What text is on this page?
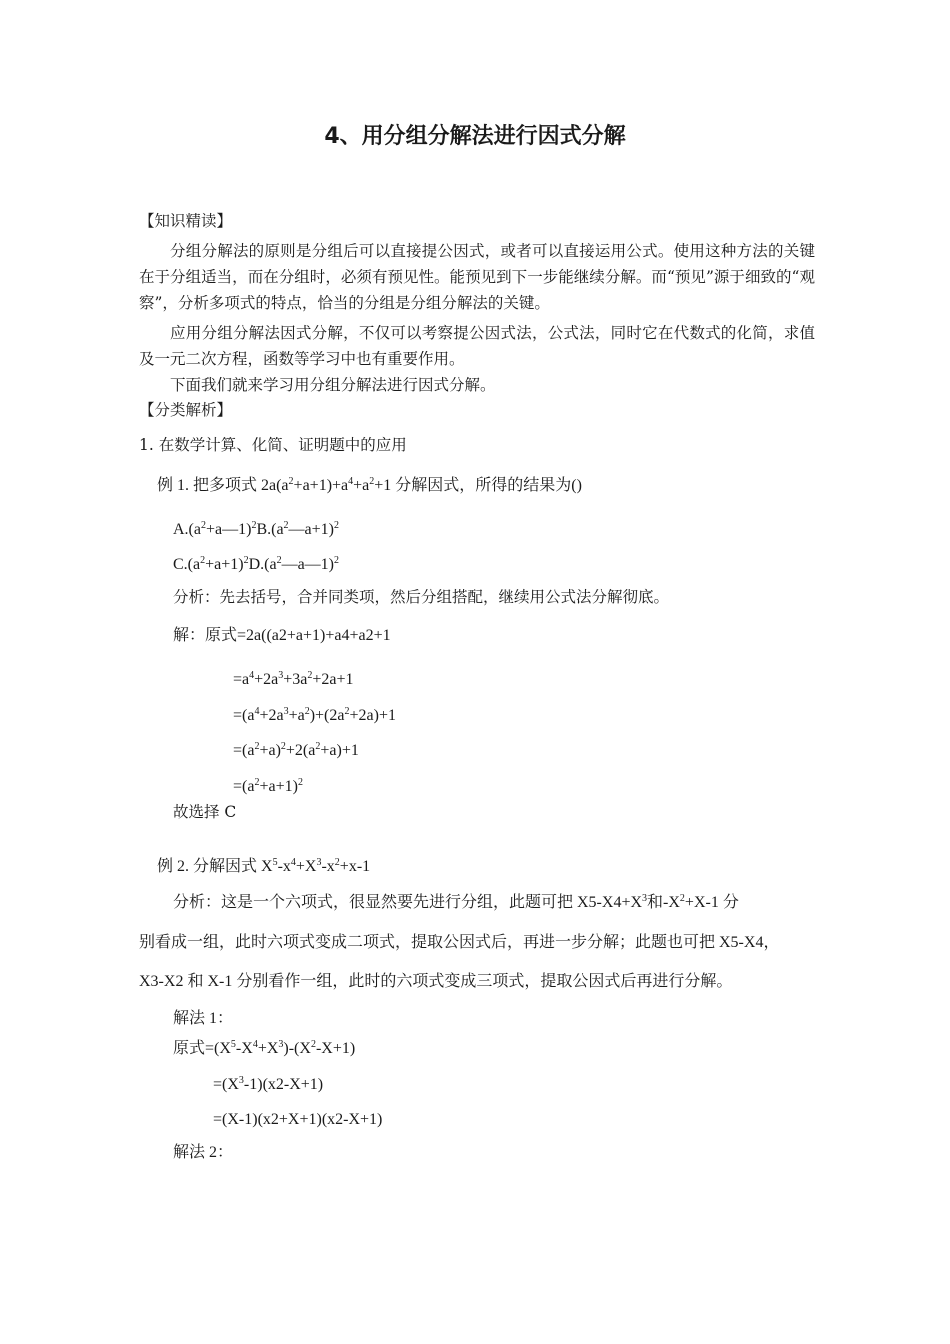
4、用分组分解法进行因式分解
【知识精读】
分组分解法的原则是分组后可以直接提公因式，或者可以直接运用公式。使用这种方法的关键在于分组适当，而在分组时，必须有预见性。能预见到下一步能继续分解。而“预见”源于细致的“观察”，分析多项式的特点，恰当的分组是分组分解法的关键。
应用分组分解法因式分解，不仅可以考察提公因式法，公式法，同时它在代数式的化简，求值及一元二次方程，函数等学习中也有重要作用。
下面我们就来学习用分组分解法进行因式分解。
【分类解析】
1. 在数学计算、化简、证明题中的应用
例 1. 把多项式 $2a(a^2+a+1)+a^4+a^2+1$ 分解因式，所得的结果为()
$A.(a^2+a—1)^2B.(a^2—a+1)^2$
$C.(a^2+a+1)^2D.(a^2—a—1)^2$
分析：先去括号，合并同类项，然后分组搭配，继续用公式法分解彻底。
解：原式=2a((a2+a+1)+a4+a2+1
$=a^4+2a^3+3a^2+2a+1$
$=(a^4+2a^3+a^2)+(2a^2+2a)+1$
$=(a^2+a)^2+2(a^2+a)+1$
$=(a^2+a+1)^2$
故选择 C
例 2. 分解因式 $X^5-x^4+X^3-x^2+x-1$
分析：这是一个六项式，很显然要先进行分组，此题可把 $X5-X4+X^3$和$-X^2+X-1$ 分
别看成一组，此时六项式变成二项式，提取公因式后，再进一步分解；此题也可把 X5-X4，
X3-X2 和 X-1 分别看作一组，此时的六项式变成三项式，提取公因式后再进行分解。
解法 1：
原式$=(X^5-X^4+X^3)-(X^2-X+1)$
$=(X^3-1)(x2-X+1)$
=(X-1)(x2+X+1)(x2-X+1)
解法 2：
